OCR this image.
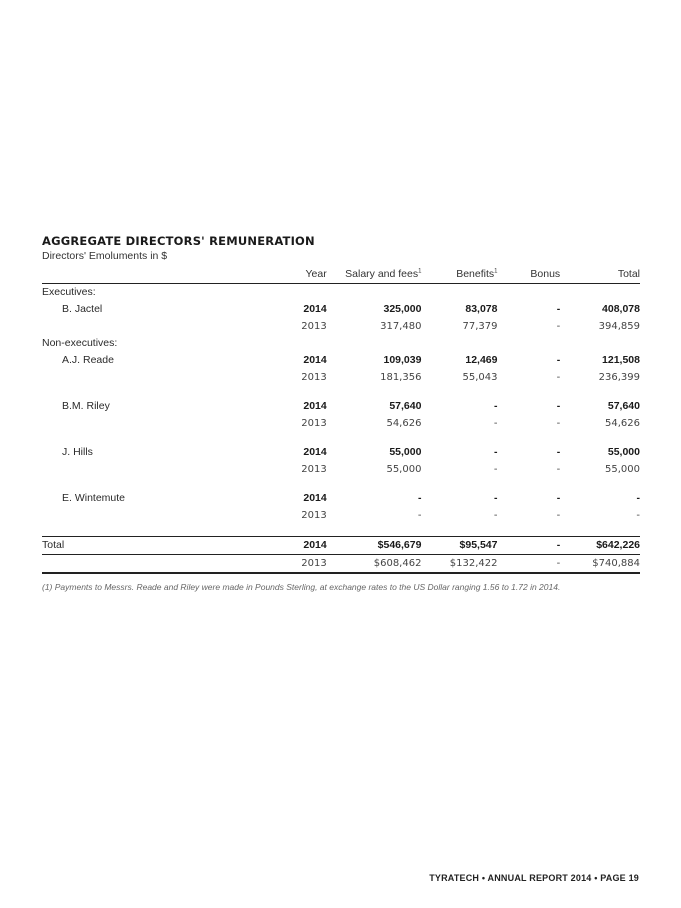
AGGREGATE DIRECTORS' REMUNERATION
Directors' Emoluments in $
	Year	Salary and fees$^1$	Benefits$^1$	Bonus	Total
Executives:					
B. Jactel	2014	325,000	83,078	-	408,078
	2013	317,480	77,379	-	394,859
Non-executives:					
A.J. Reade	2014	109,039	12,469	-	121,508
	2013	181,356	55,043	-	236,399

B.M. Riley	2014	57,640	-	-	57,640
	2013	54,626	-	-	54,626

J. Hills	2014	55,000	-	-	55,000
	2013	55,000	-	-	55,000

E. Wintemute	2014	-	-	-	-
	2013	-	-	-	-

Total	2014	$546,679	$95,547	-	$642,226
	2013	$608,462	$132,422	-	$740,884
(1) Payments to Messrs. Reade and Riley were made in Pounds Sterling, at exchange rates to the US Dollar ranging 1.56 to 1.72 in 2014.
TYRATECH • ANNUAL REPORT 2014 • PAGE 19
